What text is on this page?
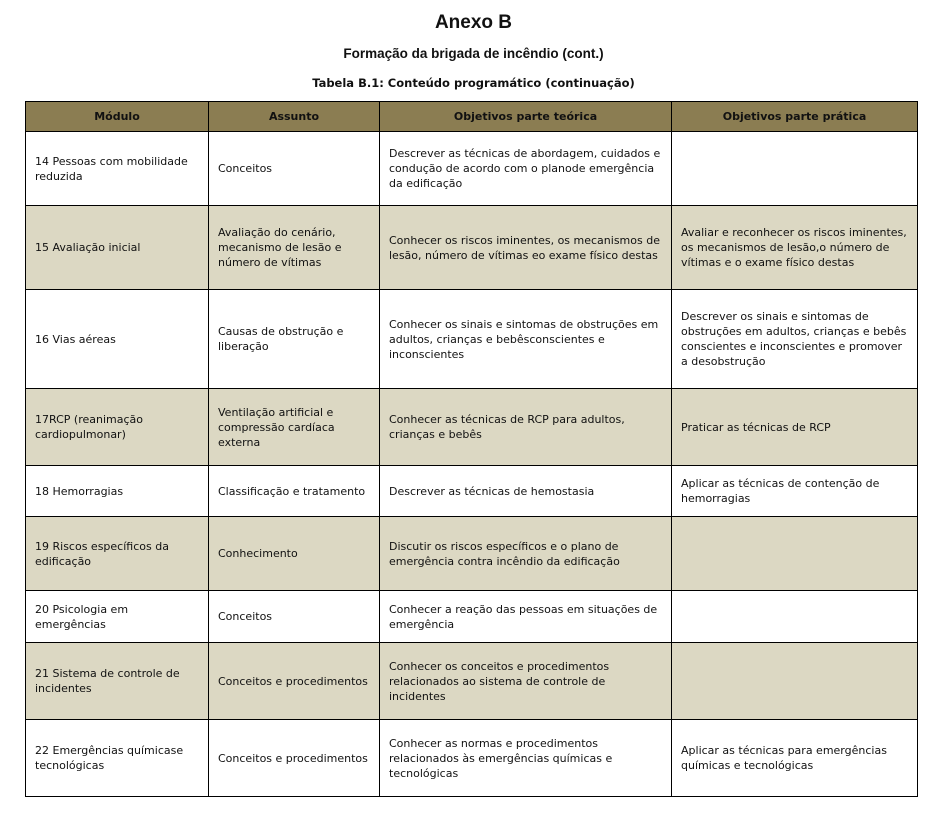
Anexo B
Formação da brigada de incêndio (cont.)
Tabela B.1: Conteúdo programático (continuação)
Módulo	Assunto	Objetivos parte teórica	Objetivos parte prática
14 Pessoas com mobilidade reduzida	Conceitos	Descrever as técnicas de abordagem, cuidados e condução de acordo com o planode emergência da edificação	
15 Avaliação inicial	Avaliação do cenário, mecanismo de lesão e número de vítimas	Conhecer os riscos iminentes, os mecanismos de lesão, número de vítimas eo exame físico destas	Avaliar e reconhecer os riscos iminentes, os mecanismos de lesão,o número de vítimas e o exame físico destas
16 Vias aéreas	Causas de obstrução e liberação	Conhecer os sinais e sintomas de obstruções em adultos, crianças e bebêsconscientes e inconscientes	Descrever os sinais e sintomas de obstruções em adultos, crianças e bebês conscientes e inconscientes e promover a desobstrução
17RCP (reanimação cardiopulmonar)	Ventilação artificial e compressão cardíaca externa	Conhecer as técnicas de RCP para adultos, crianças e bebês	Praticar as técnicas de RCP
18 Hemorragias	Classificação e tratamento	Descrever as técnicas de hemostasia	Aplicar as técnicas de contenção de hemorragias
19 Riscos específicos da edificação	Conhecimento	Discutir os riscos específicos e o plano de emergência contra incêndio da edificação	
20 Psicologia em emergências	Conceitos	Conhecer a reação das pessoas em situações de emergência	
21 Sistema de controle de incidentes	Conceitos e procedimentos	Conhecer os conceitos e procedimentos relacionados ao sistema de controle de incidentes	
22 Emergências químicase tecnológicas	Conceitos e procedimentos	Conhecer as normas e procedimentos relacionados às emergências químicas e tecnológicas	Aplicar as técnicas para emergências químicas e tecnológicas
